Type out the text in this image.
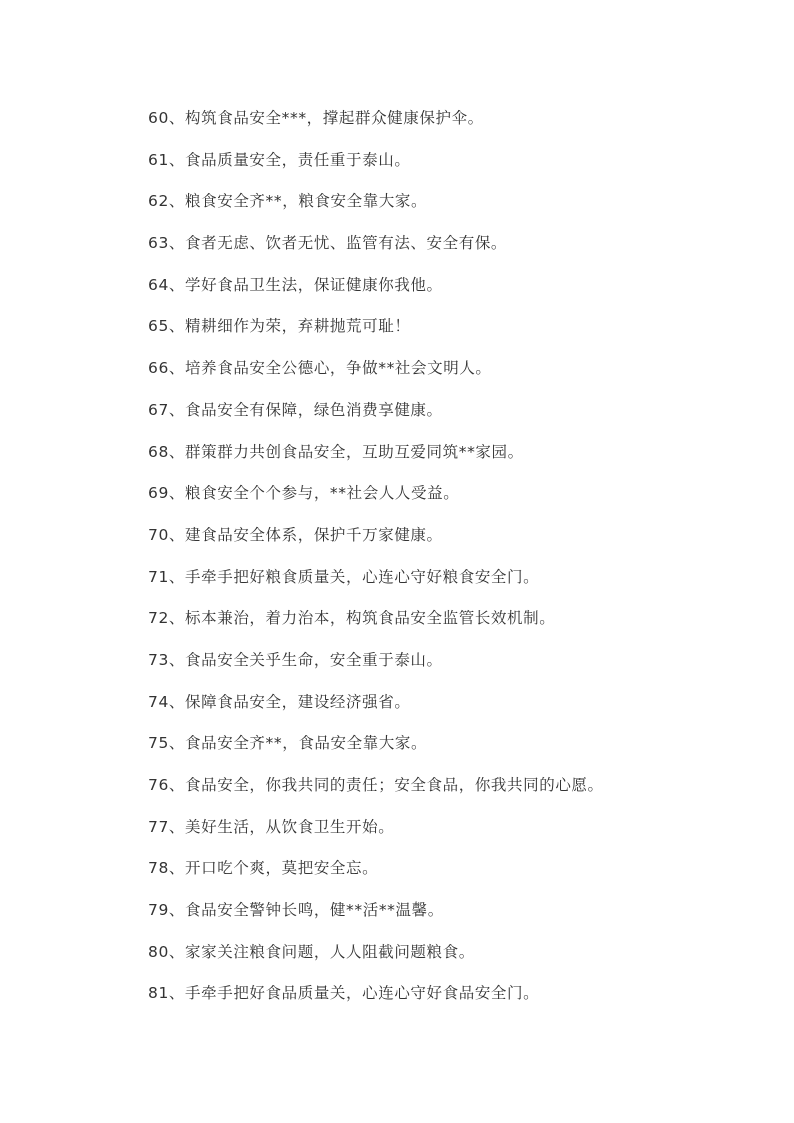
60、构筑食品安全***，撑起群众健康保护伞。
61、食品质量安全，责任重于泰山。
62、粮食安全齐**，粮食安全靠大家。
63、食者无虑、饮者无忧、监管有法、安全有保。
64、学好食品卫生法，保证健康你我他。
65、精耕细作为荣，弃耕抛荒可耻！
66、培养食品安全公德心，争做**社会文明人。
67、食品安全有保障，绿色消费享健康。
68、群策群力共创食品安全，互助互爱同筑**家园。
69、粮食安全个个参与，**社会人人受益。
70、建食品安全体系，保护千万家健康。
71、手牵手把好粮食质量关，心连心守好粮食安全门。
72、标本兼治，着力治本，构筑食品安全监管长效机制。
73、食品安全关乎生命，安全重于泰山。
74、保障食品安全，建设经济强省。
75、食品安全齐**，食品安全靠大家。
76、食品安全，你我共同的责任；安全食品，你我共同的心愿。
77、美好生活，从饮食卫生开始。
78、开口吃个爽，莫把安全忘。
79、食品安全警钟长鸣，健**活**温馨。
80、家家关注粮食问题，人人阻截问题粮食。
81、手牵手把好食品质量关，心连心守好食品安全门。
